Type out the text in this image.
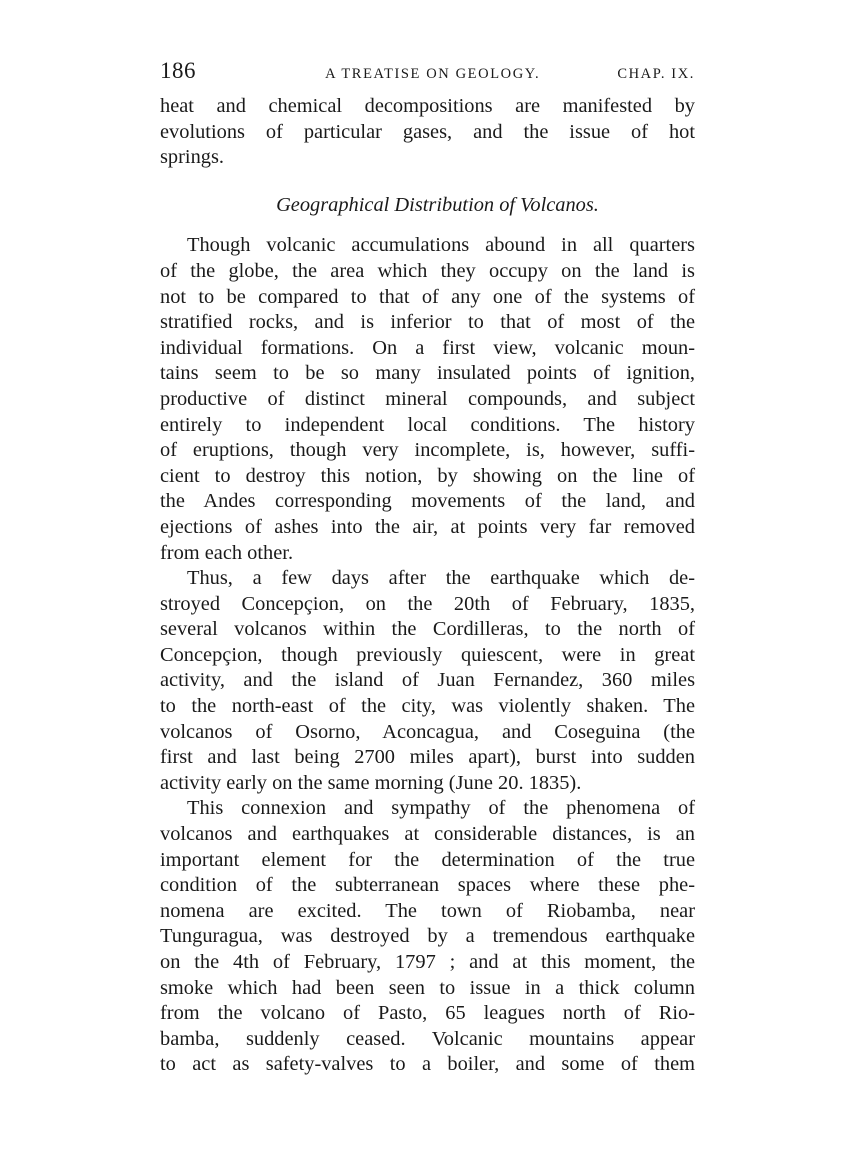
186	A TREATISE ON GEOLOGY.	CHAP. IX.
heat and chemical decompositions are manifested by
evolutions of particular gases, and the issue of hot
springs.
Geographical Distribution of Volcanos.
Though volcanic accumulations abound in all quarters
of the globe, the area which they occupy on the land is
not to be compared to that of any one of the systems of
stratified rocks, and is inferior to that of most of the
individual formations. On a first view, volcanic moun-
tains seem to be so many insulated points of ignition,
productive of distinct mineral compounds, and subject
entirely to independent local conditions. The history
of eruptions, though very incomplete, is, however, suffi-
cient to destroy this notion, by showing on the line of
the Andes corresponding movements of the land, and
ejections of ashes into the air, at points very far removed
from each other.
Thus, a few days after the earthquake which de-
stroyed Concepçion, on the 20th of February, 1835,
several volcanos within the Cordilleras, to the north of
Concepçion, though previously quiescent, were in great
activity, and the island of Juan Fernandez, 360 miles
to the north-east of the city, was violently shaken. The
volcanos of Osorno, Aconcagua, and Coseguina (the
first and last being 2700 miles apart), burst into sudden
activity early on the same morning (June 20. 1835).
This connexion and sympathy of the phenomena of
volcanos and earthquakes at considerable distances, is an
important element for the determination of the true
condition of the subterranean spaces where these phe-
nomena are excited. The town of Riobamba, near
Tunguragua, was destroyed by a tremendous earthquake
on the 4th of February, 1797 ; and at this moment, the
smoke which had been seen to issue in a thick column
from the volcano of Pasto, 65 leagues north of Rio-
bamba, suddenly ceased. Volcanic mountains appear
to act as safety-valves to a boiler, and some of them
